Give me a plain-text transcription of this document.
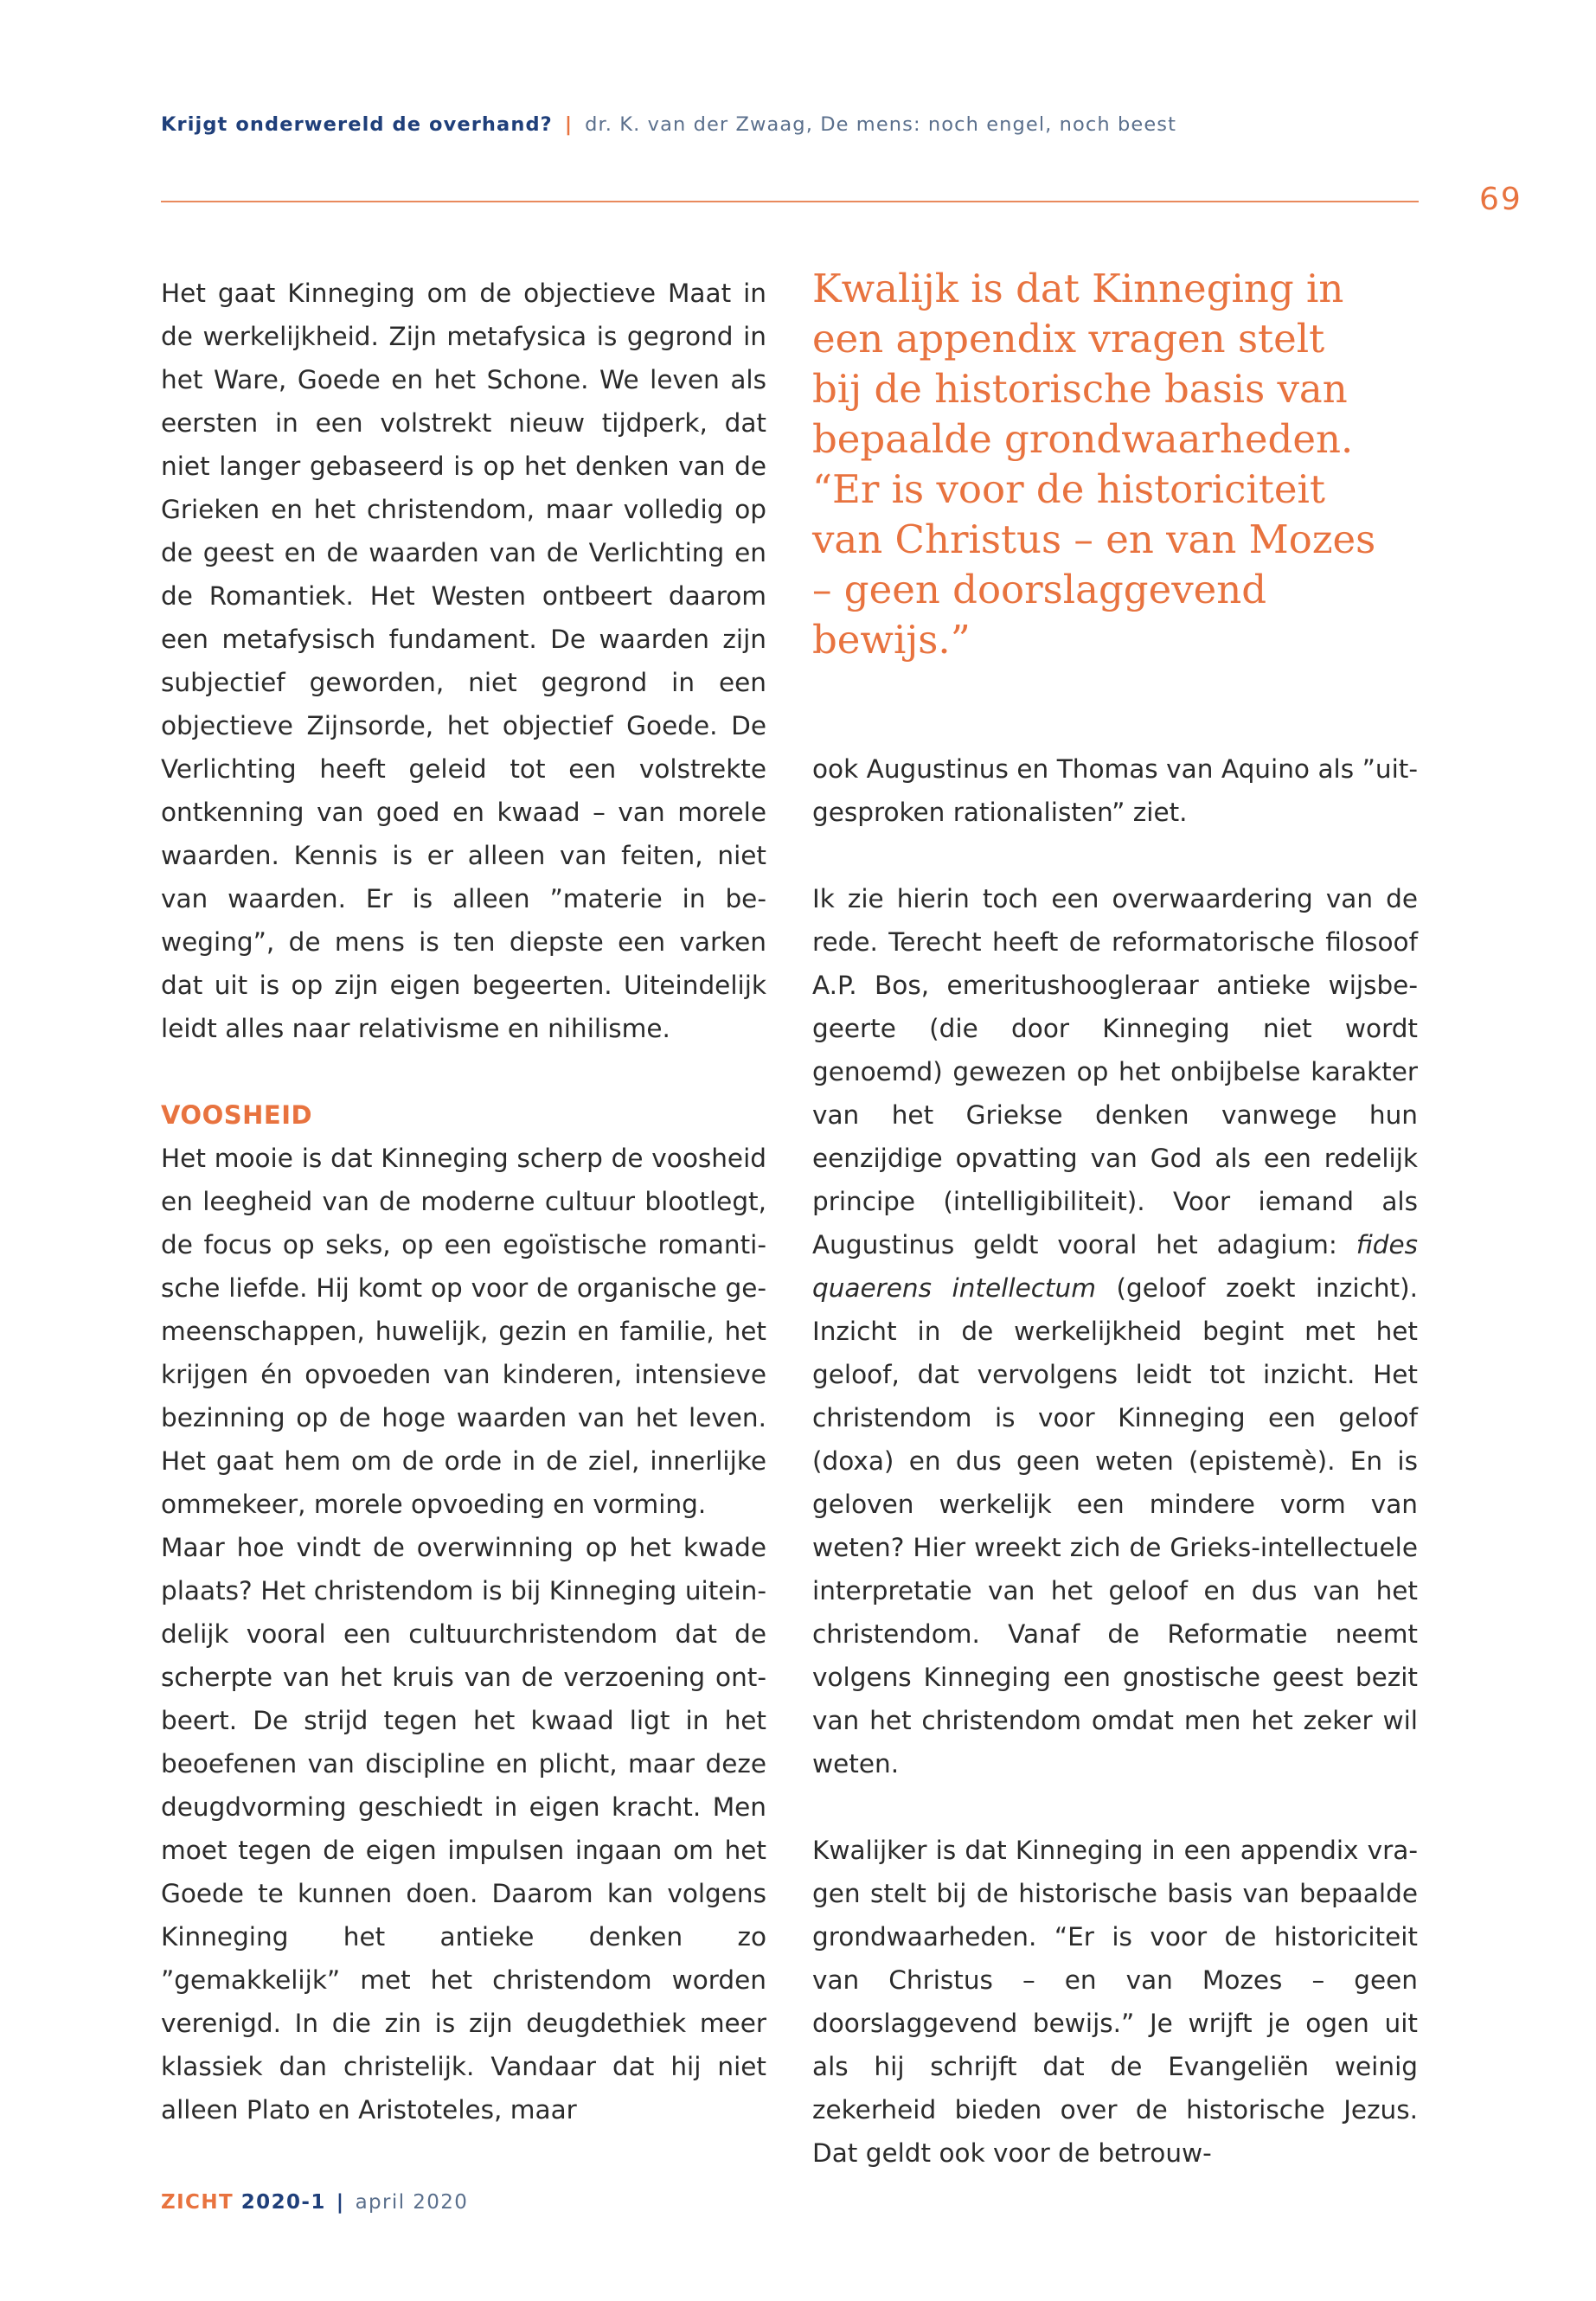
Krijgt onderwereld de overhand? | dr. K. van der Zwaag, De mens: noch engel, noch beest
69

Het gaat Kinneging om de objectieve Maat in de werkelijkheid. Zijn metafysica is gegrond in het Ware, Goede en het Schone. We leven als eersten in een volstrekt nieuw tijdperk, dat niet langer gebaseerd is op het denken van de Grieken en het christendom, maar volledig op de geest en de waarden van de Verlichting en de Romantiek. Het Westen ontbeert daarom een metafysisch fundament. De waarden zijn subjectief geworden, niet gegrond in een objectieve Zijnsorde, het objectief Goede. De Verlichting heeft geleid tot een volstrekte ontkenning van goed en kwaad – van morele waarden. Kennis is er alleen van feiten, niet van waarden. Er is alleen ”materie in beweging”, de mens is ten diepste een varken dat uit is op zijn eigen begeerten. Uiteindelijk leidt alles naar relativisme en nihilisme.

VOOSHEID

Het mooie is dat Kinneging scherp de voosheid en leegheid van de moderne cultuur blootlegt, de focus op seks, op een egoïstische romantische liefde. Hij komt op voor de organische gemeenschappen, huwelijk, gezin en familie, het krijgen én opvoeden van kinderen, intensieve bezinning op de hoge waarden van het leven. Het gaat hem om de orde in de ziel, innerlijke ommekeer, morele opvoeding en vorming.

Maar hoe vindt de overwinning op het kwade plaats? Het christendom is bij Kinneging uiteindelijk vooral een cultuurchristendom dat de scherpte van het kruis van de verzoening ontbeert. De strijd tegen het kwaad ligt in het beoefenen van discipline en plicht, maar deze deugdvorming geschiedt in eigen kracht. Men moet tegen de eigen impulsen ingaan om het Goede te kunnen doen. Daarom kan volgens Kinneging het antieke denken zo ”gemakkelijk” met het christendom worden verenigd. In die zin is zijn deugdethiek meer klassiek dan christelijk. Vandaar dat hij niet alleen Plato en Aristoteles, maar

Kwalijk is dat Kinneging in een appendix vragen stelt bij de historische basis van bepaalde grondwaarheden. “Er is voor de historiciteit van Christus – en van Mozes – geen doorslaggevend bewijs.”

ook Augustinus en Thomas van Aquino als ”uitgesproken rationalisten” ziet.

Ik zie hierin toch een overwaardering van de rede. Terecht heeft de reformatorische filosoof A.P. Bos, emeritushoogleraar antieke wijsbegeerte (die door Kinneging niet wordt genoemd) gewezen op het onbijbelse karakter van het Griekse denken vanwege hun eenzijdige opvatting van God als een redelijk principe (intelligibiliteit). Voor iemand als Augustinus geldt vooral het adagium: fides quaerens intellectum (geloof zoekt inzicht). Inzicht in de werkelijkheid begint met het geloof, dat vervolgens leidt tot inzicht. Het christendom is voor Kinneging een geloof (doxa) en dus geen weten (epistemè). En is geloven werkelijk een mindere vorm van weten? Hier wreekt zich de Grieks-intellectuele interpretatie van het geloof en dus van het christendom. Vanaf de Reformatie neemt volgens Kinneging een gnostische geest bezit van het christendom omdat men het zeker wil weten.

Kwalijker is dat Kinneging in een appendix vragen stelt bij de historische basis van bepaalde grondwaarheden. “Er is voor de historiciteit van Christus – en van Mozes – geen doorslaggevend bewijs.” Je wrijft je ogen uit als hij schrijft dat de Evangeliën weinig zekerheid bieden over de historische Jezus. Dat geldt ook voor de betrouw-

ZICHT 2020-1 | april 2020
